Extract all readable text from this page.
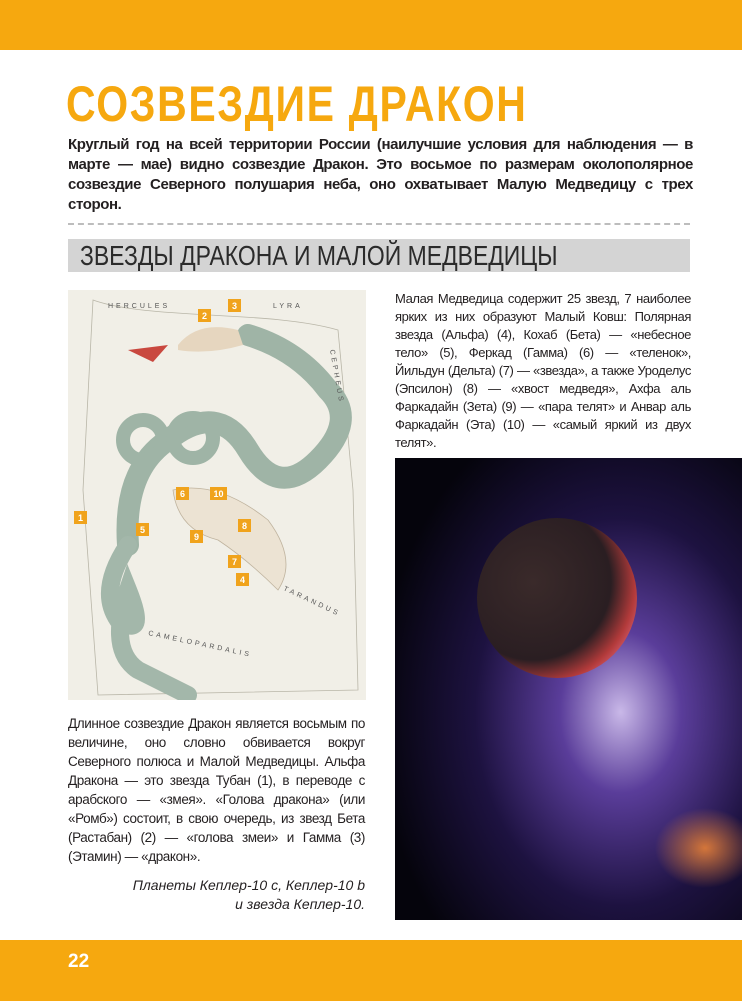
СОЗВЕЗДИЕ ДРАКОН
Круглый год на всей территории России (наилучшие условия для наблюдения — в марте — мае) видно созвездие Дракон. Это восьмое по размерам околополярное созвездие Северного полушария неба, оно охватывает Малую Медведицу с трех сторон.
ЗВЕЗДЫ ДРАКОНА И МАЛОЙ МЕДВЕДИЦЫ
HERCULES	LYRA
CAMELOPARDALIS
TARANDUS
CEPHEUS
1
2
3
4
5
6
7
8
9
10
Длинное созвездие Дракон является восьмым по величине, оно словно обвивается вокруг Северного полюса и Малой Медведицы. Альфа Дракона — это звезда Тубан (1), в переводе с арабского — «змея». «Голова дракона» (или «Ромб») состоит, в свою очередь, из звезд Бета (Растабан) (2) — «голова змеи» и Гамма (3) (Этамин) — «дракон».
Планеты Кеплер-10 c, Кеплер-10 b
и звезда Кеплер-10.
Малая Медведица содержит 25 звезд, 7 наиболее ярких из них образуют Малый Ковш: Полярная звезда (Альфа) (4), Кохаб (Бета) — «небесное тело» (5), Феркад (Гамма) (6) — «теленок», Йильдун (Дельта) (7) — «звезда», а также Уроделус (Эпсилон) (8) — «хвост медведя», Ахфа аль Фаркадайн (Зета) (9) — «пара телят» и Анвар аль Фаркадайн (Эта) (10) — «самый яркий из двух телят».
22
